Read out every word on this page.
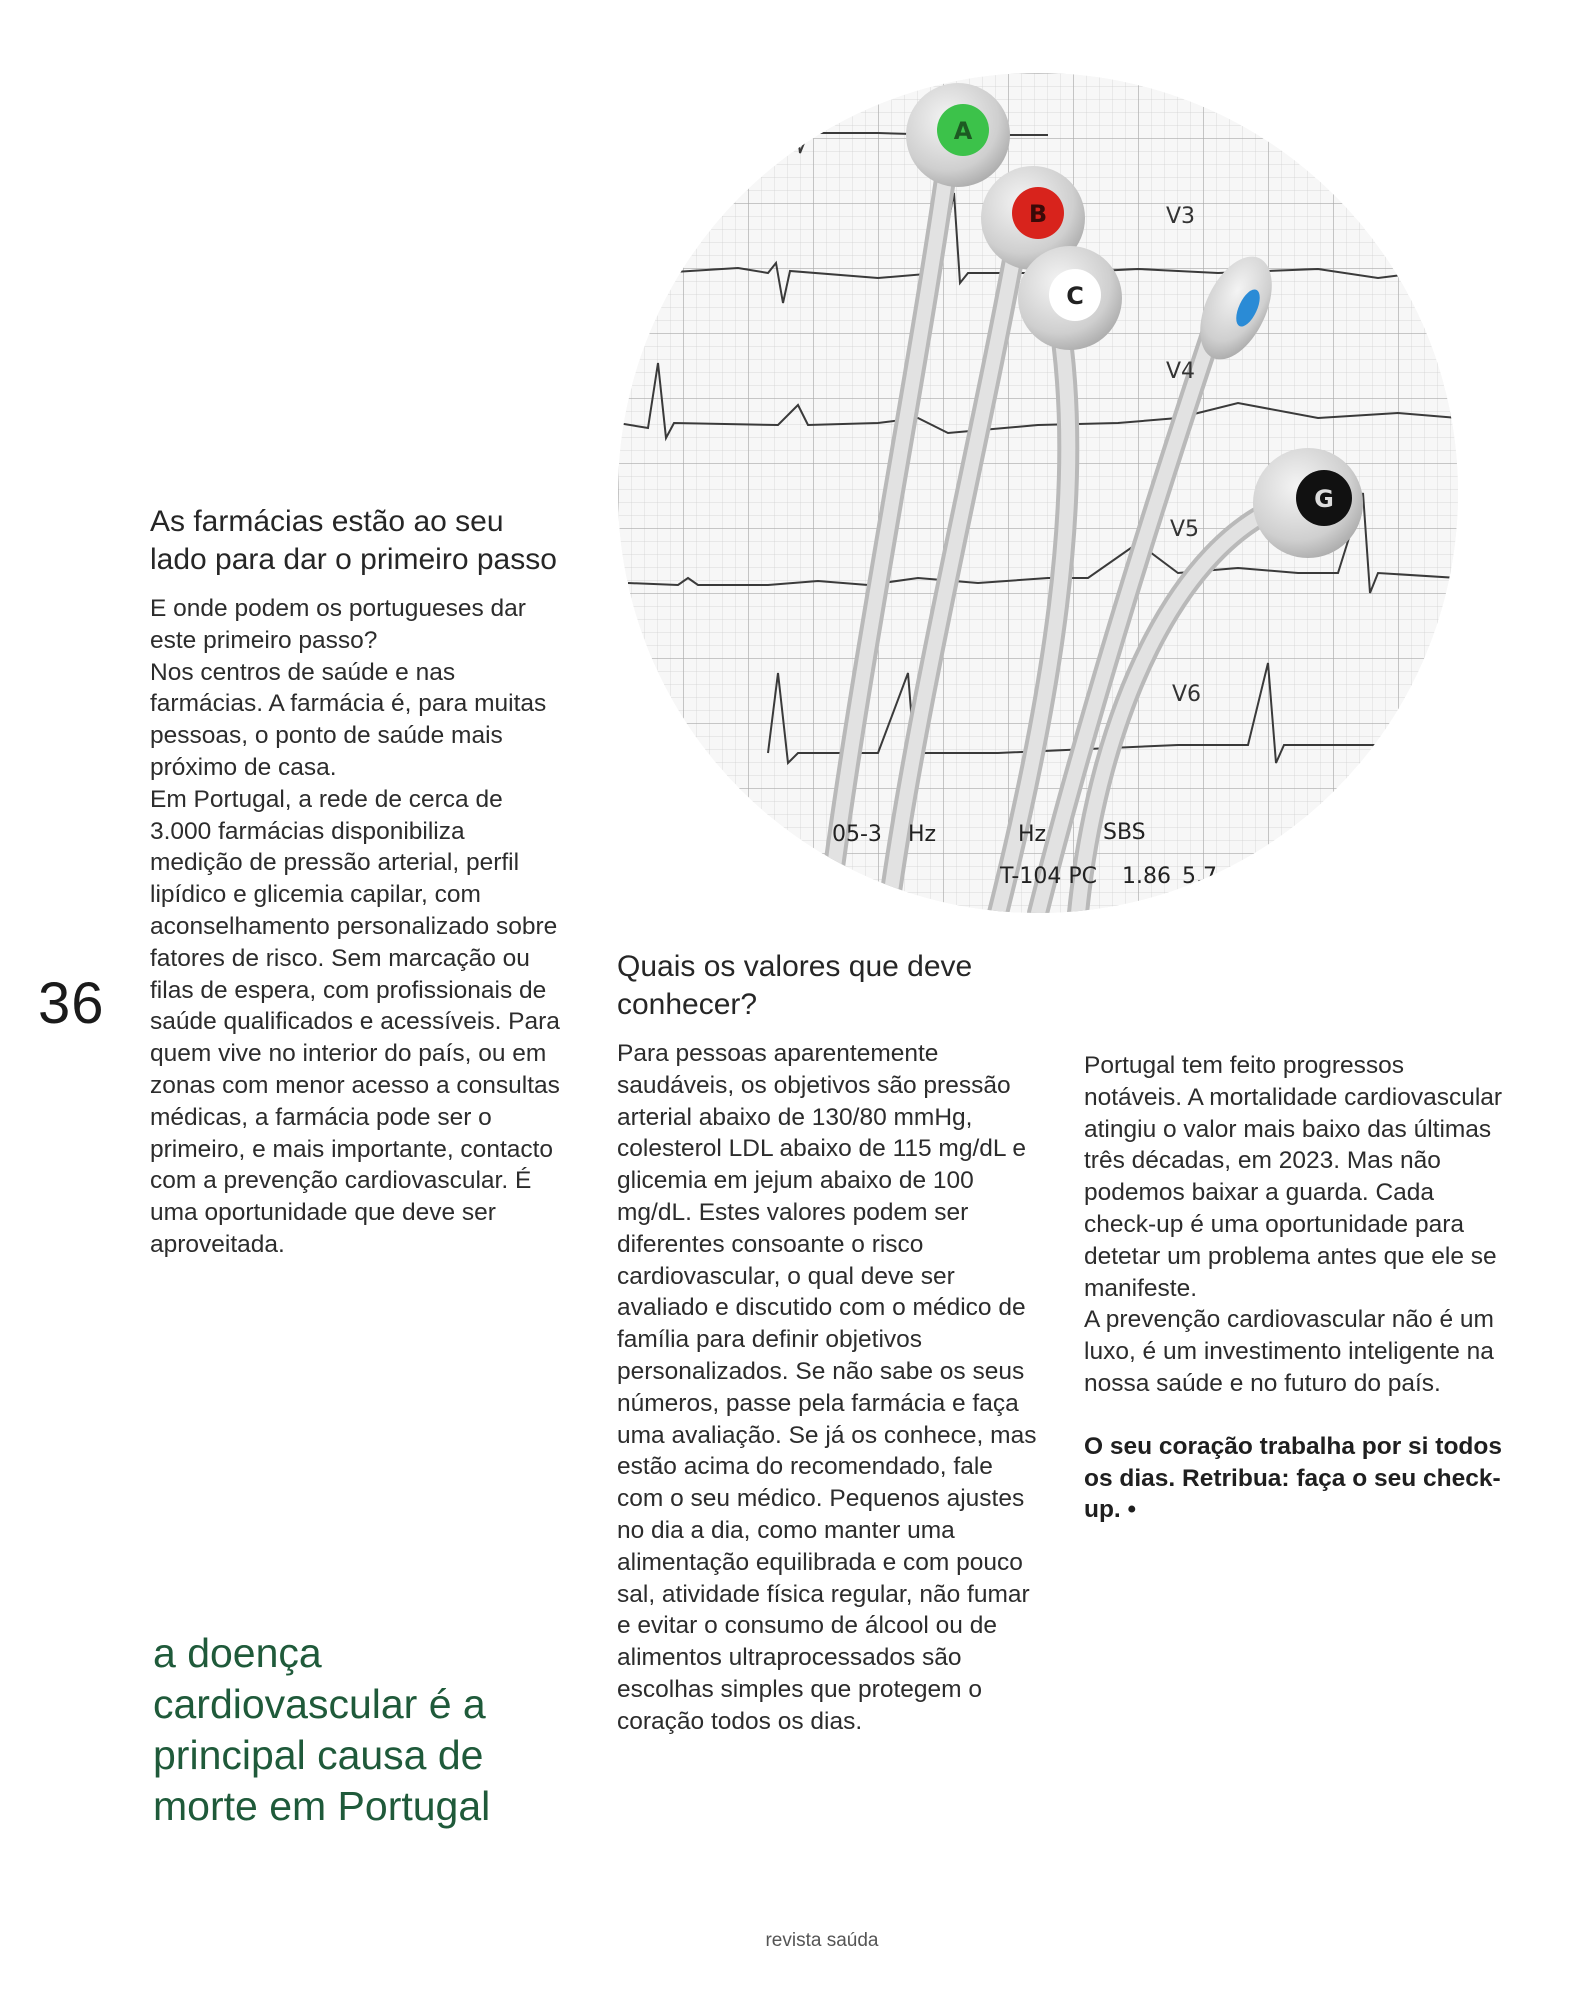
36
A
B
C
G
V3
V4
V5
V6
05-3 Hz	Hz	SBS
T-104 PC 1.86 5.7
As farmácias estão ao seu lado para dar o primeiro passo

E onde podem os portugueses dar este primeiro passo?

Nos centros de saúde e nas farmácias. A farmácia é, para muitas pessoas, o ponto de saúde mais próximo de casa.

Em Portugal, a rede de cerca de 3.000 farmácias disponibiliza medição de pressão arterial, perfil lipídico e glicemia capilar, com aconselhamento personalizado sobre fatores de risco. Sem marcação ou filas de espera, com profissionais de saúde qualificados e acessíveis. Para quem vive no interior do país, ou em zonas com menor acesso a consultas médicas, a farmácia pode ser o primeiro, e mais importante, contacto com a prevenção cardiovascular. É uma oportunidade que deve ser aproveitada.

a doença cardiovascular é a principal causa de morte em Portugal
Quais os valores que deve conhecer?

Para pessoas aparentemente saudáveis, os objetivos são pressão arterial abaixo de 130/80 mmHg, colesterol LDL abaixo de 115 mg/dL e glicemia em jejum abaixo de 100 mg/dL. Estes valores podem ser diferentes consoante o risco cardiovascular, o qual deve ser avaliado e discutido com o médico de família para definir objetivos personalizados. Se não sabe os seus números, passe pela farmácia e faça uma avaliação. Se já os conhece, mas estão acima do recomendado, fale com o seu médico. Pequenos ajustes no dia a dia, como manter uma alimentação equilibrada e com pouco sal, atividade física regular, não fumar e evitar o consumo de álcool ou de alimentos ultraprocessados são escolhas simples que protegem o coração todos os dias.

Portugal tem feito progressos notáveis. A mortalidade cardiovascular atingiu o valor mais baixo das últimas três décadas, em 2023. Mas não podemos baixar a guarda. Cada check-up é uma oportunidade para detetar um problema antes que ele se manifeste.

A prevenção cardiovascular não é um luxo, é um investimento inteligente na nossa saúde e no futuro do país.

O seu coração trabalha por si todos os dias. Retribua: faça o seu check-up. •

revista saúda
